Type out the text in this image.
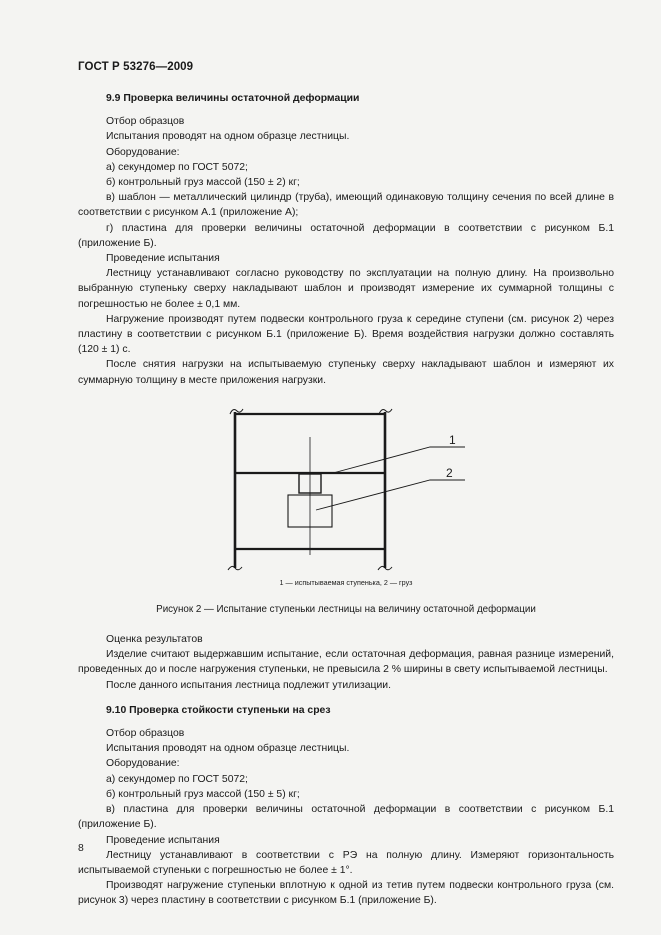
ГОСТ Р 53276—2009
9.9 Проверка величины остаточной деформации
Отбор образцов
Испытания проводят на одном образце лестницы.
Оборудование:
а) секундомер по ГОСТ 5072;
б) контрольный груз массой (150 ± 2) кг;

в) шаблон — металлический цилиндр (труба), имеющий одинаковую толщину сечения по всей длине в соответствии с рисунком А.1 (приложение А);

г) пластина для проверки величины остаточной деформации в соответствии с рисунком Б.1 (приложение Б).

Проведение испытания

Лестницу устанавливают согласно руководству по эксплуатации на полную длину. На произвольно выбранную ступеньку сверху накладывают шаблон и производят измерение их суммарной толщины с погрешностью не более ± 0,1 мм.

Нагружение производят путем подвески контрольного груза к середине ступени (см. рисунок 2) через пластину в соответствии с рисунком Б.1 (приложение Б). Время воздействия нагрузки должно составлять (120 ± 1) с.

После снятия нагрузки на испытываемую ступеньку сверху накладывают шаблон и измеряют их суммарную толщину в месте приложения нагрузки.

1
2
1 — испытываемая ступенька, 2 — груз
Рисунок 2 — Испытание ступеньки лестницы на величину остаточной деформации
Оценка результатов

Изделие считают выдержавшим испытание, если остаточная деформация, равная разнице измерений, проведенных до и после нагружения ступеньки, не превысила 2 % ширины в свету испытываемой лестницы.

После данного испытания лестница подлежит утилизации.

9.10 Проверка стойкости ступеньки на срез
Отбор образцов
Испытания проводят на одном образце лестницы.
Оборудование:
а) секундомер по ГОСТ 5072;
б) контрольный груз массой (150 ± 5) кг;

в) пластина для проверки величины остаточной деформации в соответствии с рисунком Б.1 (приложение Б).

Проведение испытания

Лестницу устанавливают в соответствии с РЭ на полную длину. Измеряют горизонтальность испытываемой ступеньки с погрешностью не более ± 1°.

Производят нагружение ступеньки вплотную к одной из тетив путем подвески контрольного груза (см. рисунок 3) через пластину в соответствии с рисунком Б.1 (приложение Б).

8
